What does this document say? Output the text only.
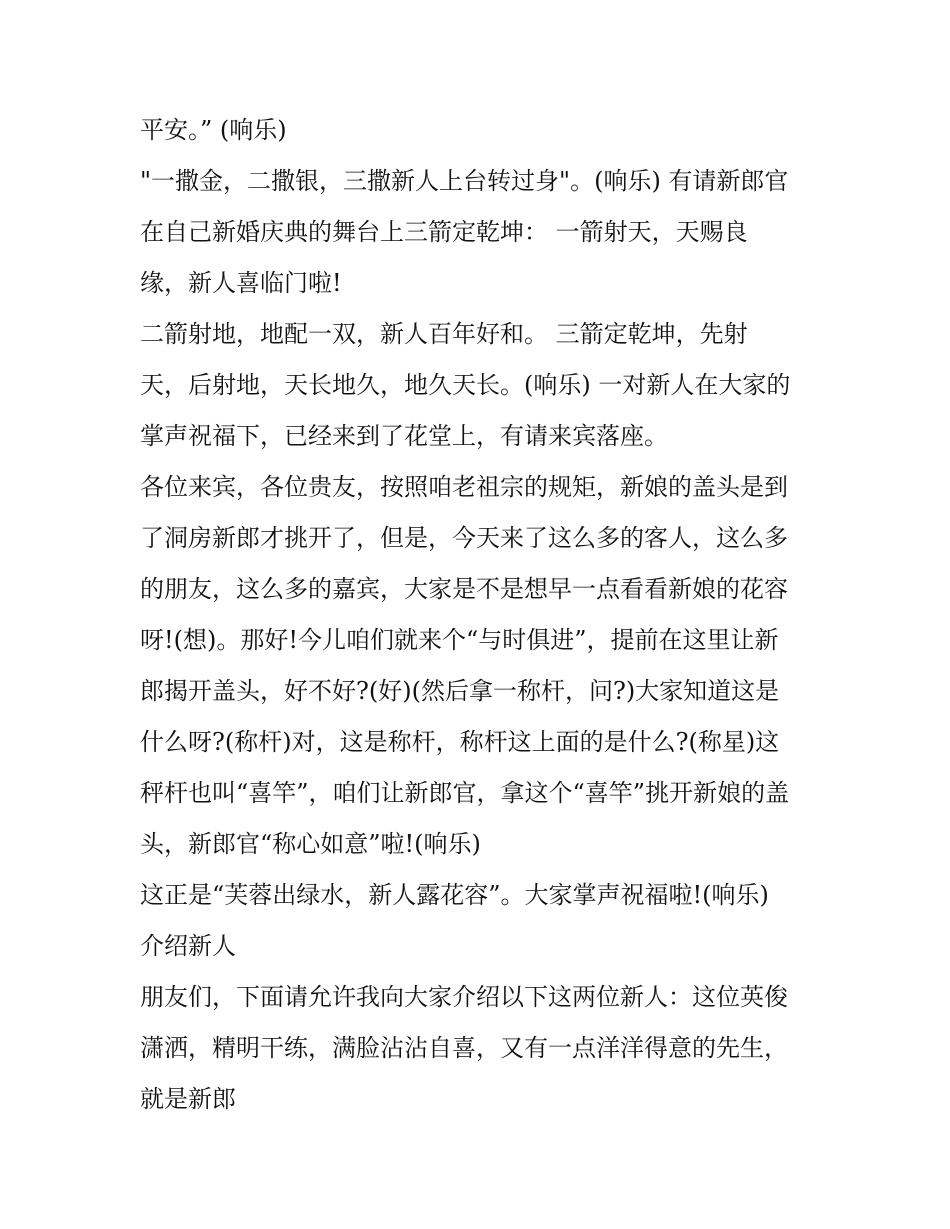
平安。” (响乐)
"一撒金，二撒银，三撒新人上台转过身"。(响乐) 有请新郎官
在自己新婚庆典的舞台上三箭定乾坤： 一箭射天，天赐良
缘，新人喜临门啦!
二箭射地，地配一双，新人百年好和。 三箭定乾坤，先射
天，后射地，天长地久，地久天长。(响乐) 一对新人在大家的
掌声祝福下，已经来到了花堂上，有请来宾落座。
各位来宾，各位贵友，按照咱老祖宗的规矩，新娘的盖头是到
了洞房新郎才挑开了，但是，今天来了这么多的客人，这么多
的朋友，这么多的嘉宾，大家是不是想早一点看看新娘的花容
呀!(想)。那好!今儿咱们就来个“与时俱进”，提前在这里让新
郎揭开盖头，好不好?(好)(然后拿一称杆，问?)大家知道这是
什么呀?(称杆)对，这是称杆，称杆这上面的是什么?(称星)这
秤杆也叫“喜竿”，咱们让新郎官，拿这个“喜竿”挑开新娘的盖
头，新郎官“称心如意”啦!(响乐)
这正是“芙蓉出绿水，新人露花容”。大家掌声祝福啦!(响乐)
介绍新人
朋友们，下面请允许我向大家介绍以下这两位新人：这位英俊
潇洒，精明干练，满脸沾沾自喜，又有一点洋洋得意的先生，
就是新郎
